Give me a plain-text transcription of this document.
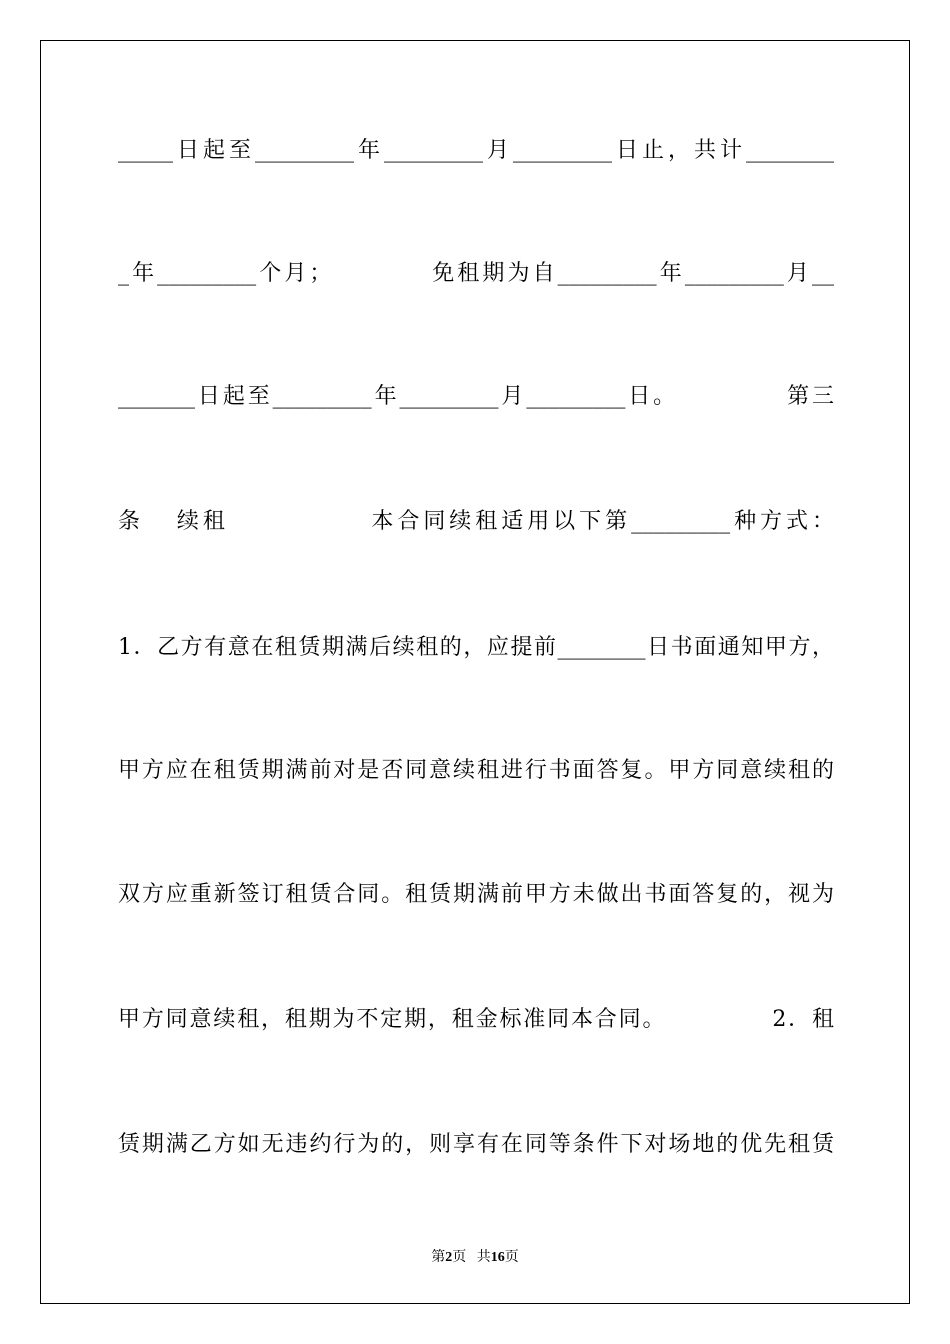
_____日起至_________年_________月_________日止，共计________
_年_________个月；          免租期为自_________年_________月__
_______日起至_________年_________月_________日。           第三
条   续租             本合同续租适用以下第_________种方式：
1．乙方有意在租赁期满后续租的，应提前________日书面通知甲方，
甲方应在租赁期满前对是否同意续租进行书面答复。甲方同意续租的
双方应重新签订租赁合同。租赁期满前甲方未做出书面答复的，视为
甲方同意续租，租期为不定期，租金标准同本合同。            2．租
赁期满乙方如无违约行为的，则享有在同等条件下对场地的优先租赁
第2页 共16页
